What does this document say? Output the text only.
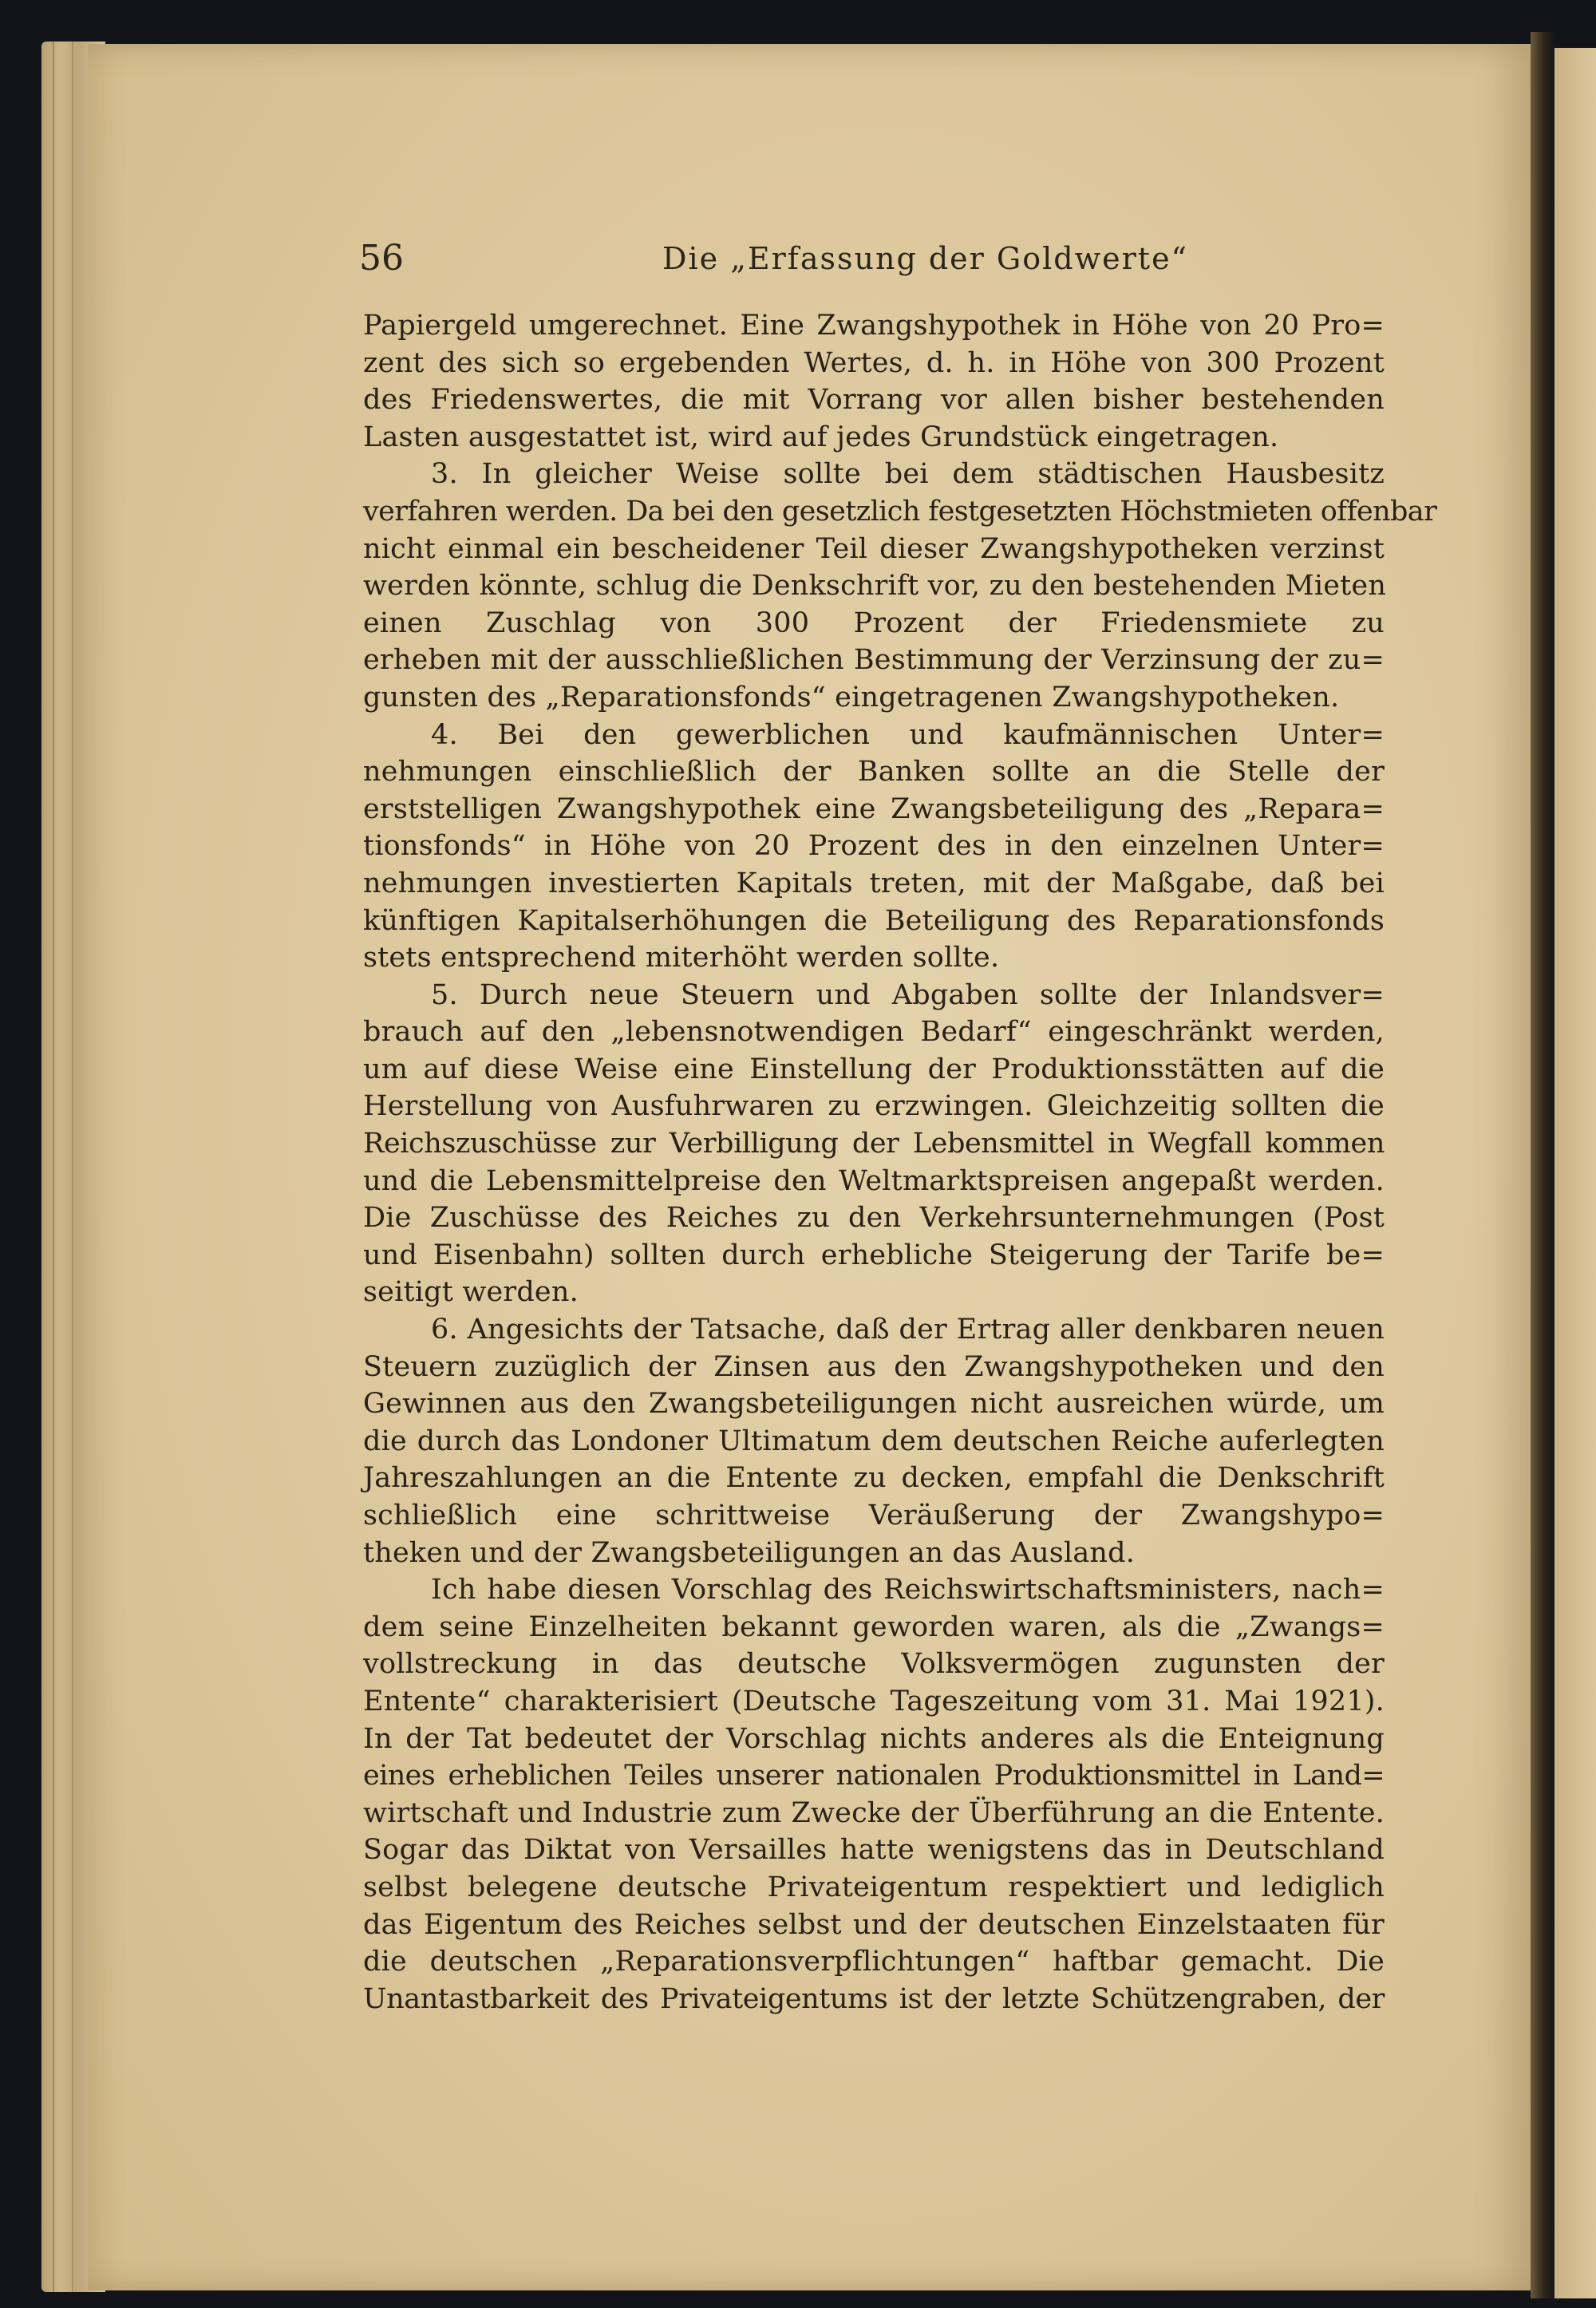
56	Die „Erfassung der Goldwerte“
Papiergeld umgerechnet. Eine Zwangshypothek in Höhe von 20 Pro=
zent des sich so ergebenden Wertes, d. h. in Höhe von 300 Prozent
des Friedenswertes, die mit Vorrang vor allen bisher bestehenden
Lasten ausgestattet ist, wird auf jedes Grundstück eingetragen.
3. In gleicher Weise sollte bei dem städtischen Hausbesitz
verfahren werden. Da bei den gesetzlich festgesetzten Höchstmieten offenbar
nicht einmal ein bescheidener Teil dieser Zwangshypotheken verzinst
werden könnte, schlug die Denkschrift vor, zu den bestehenden Mieten
einen Zuschlag von 300 Prozent der Friedensmiete zu
erheben mit der ausschließlichen Bestimmung der Verzinsung der zu=
gunsten des „Reparationsfonds“ eingetragenen Zwangshypotheken.
4. Bei den gewerblichen und kaufmännischen Unter=
nehmungen einschließlich der Banken sollte an die Stelle der
erststelligen Zwangshypothek eine Zwangsbeteiligung des „Repara=
tionsfonds“ in Höhe von 20 Prozent des in den einzelnen Unter=
nehmungen investierten Kapitals treten, mit der Maßgabe, daß bei
künftigen Kapitalserhöhungen die Beteiligung des Reparationsfonds
stets entsprechend miterhöht werden sollte.
5. Durch neue Steuern und Abgaben sollte der Inlandsver=
brauch auf den „lebensnotwendigen Bedarf“ eingeschränkt werden,
um auf diese Weise eine Einstellung der Produktionsstätten auf die
Herstellung von Ausfuhrwaren zu erzwingen. Gleichzeitig sollten die
Reichszuschüsse zur Verbilligung der Lebensmittel in Wegfall kommen
und die Lebensmittelpreise den Weltmarktspreisen angepaßt werden.
Die Zuschüsse des Reiches zu den Verkehrsunternehmungen (Post
und Eisenbahn) sollten durch erhebliche Steigerung der Tarife be=
seitigt werden.
6. Angesichts der Tatsache, daß der Ertrag aller denkbaren neuen
Steuern zuzüglich der Zinsen aus den Zwangshypotheken und den
Gewinnen aus den Zwangsbeteiligungen nicht ausreichen würde, um
die durch das Londoner Ultimatum dem deutschen Reiche auferlegten
Jahreszahlungen an die Entente zu decken, empfahl die Denkschrift
schließlich eine schrittweise Veräußerung der Zwangshypo=
theken und der Zwangsbeteiligungen an das Ausland.
Ich habe diesen Vorschlag des Reichswirtschaftsministers, nach=
dem seine Einzelheiten bekannt geworden waren, als die „Zwangs=
vollstreckung in das deutsche Volksvermögen zugunsten der
Entente“ charakterisiert (Deutsche Tageszeitung vom 31. Mai 1921).
In der Tat bedeutet der Vorschlag nichts anderes als die Enteignung
eines erheblichen Teiles unserer nationalen Produktionsmittel in Land=
wirtschaft und Industrie zum Zwecke der Überführung an die Entente.
Sogar das Diktat von Versailles hatte wenigstens das in Deutschland
selbst belegene deutsche Privateigentum respektiert und lediglich
das Eigentum des Reiches selbst und der deutschen Einzelstaaten für
die deutschen „Reparationsverpflichtungen“ haftbar gemacht. Die
Unantastbarkeit des Privateigentums ist der letzte Schützengraben, der
